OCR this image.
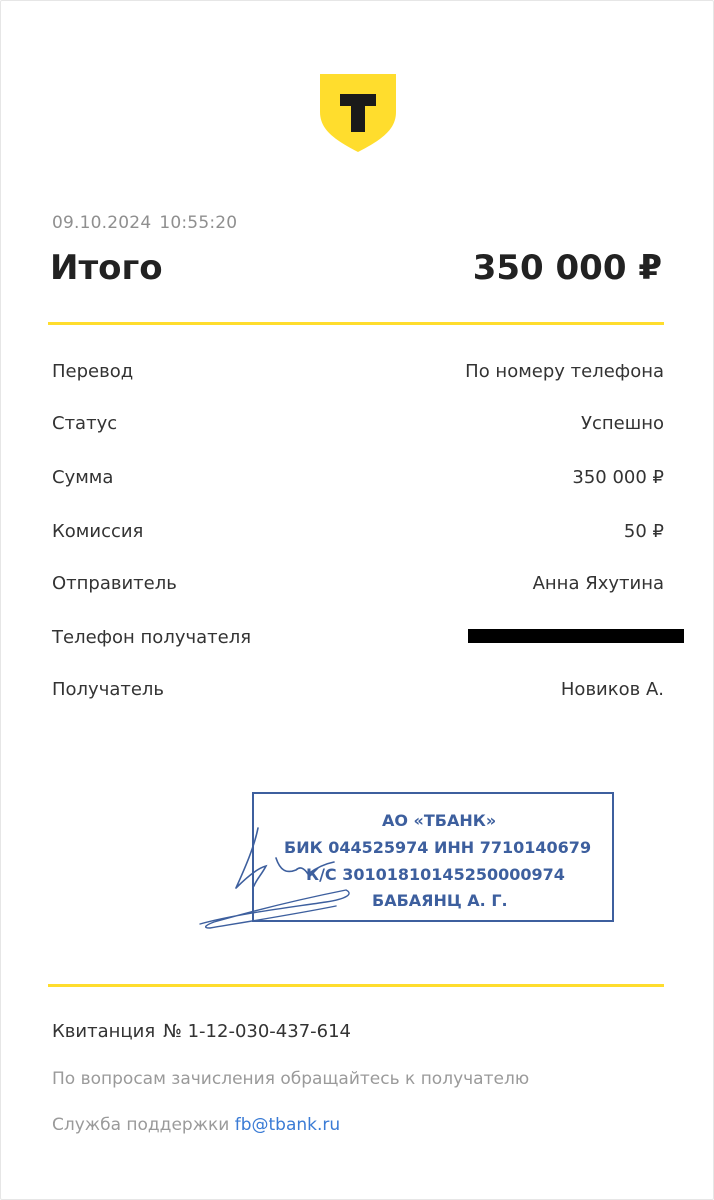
09.10.2024 10:55:20
Итого	350 000 ₽
Перевод	По номеру телефона
Статус	Успешно
Сумма	350 000 ₽
Комиссия	50 ₽
Отправитель	Анна Яхутина
Телефон получателя
Получатель	Новиков А.
АО «ТБАНК»
БИК 044525974 ИНН 7710140679
К/С 30101810145250000974
БАБАЯНЦ А. Г.
Квитанция № 1-12-030-437-614
По вопросам зачисления обращайтесь к получателю
Служба поддержки fb@tbank.ru
